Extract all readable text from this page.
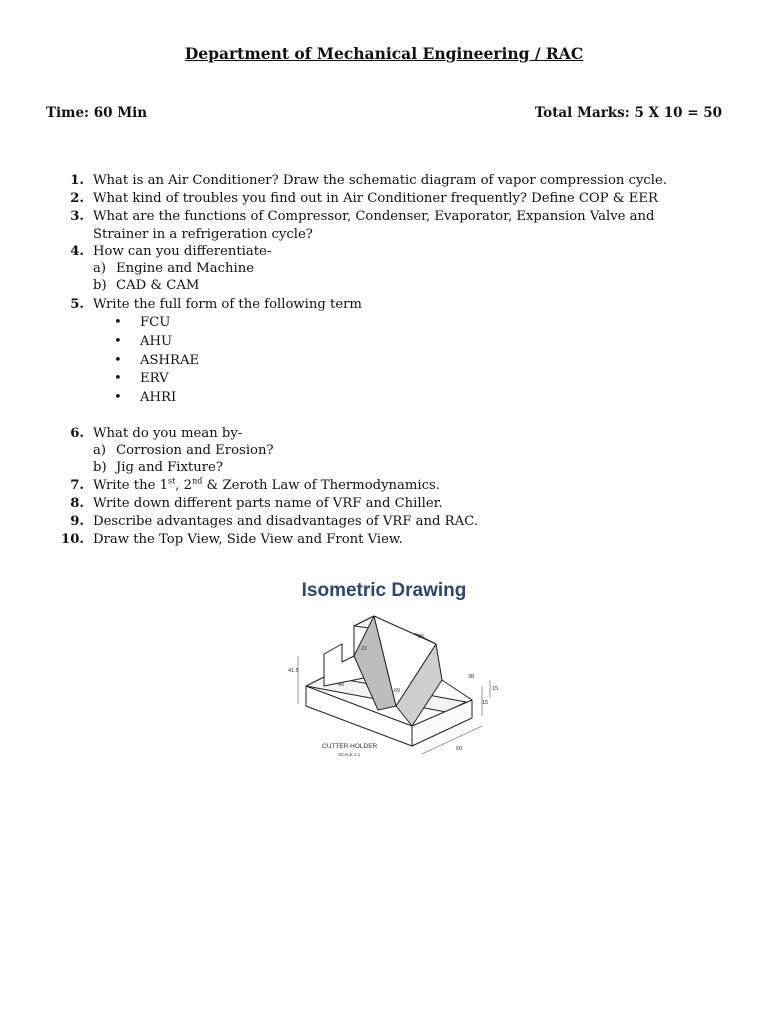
Department of Mechanical Engineering / RAC
Time: 60 Min	Total Marks: 5 X 10 = 50
1. What is an Air Conditioner? Draw the schematic diagram of vapor compression cycle.
2. What kind of troubles you find out in Air Conditioner frequently? Define COP & EER
3. What are the functions of Compressor, Condenser, Evaporator, Expansion Valve and
Strainer in a refrigeration cycle?
4. How can you differentiate-
a) Engine and Machine
b) CAD & CAM
5. Write the full form of the following term
• FCU
• AHU
• ASHRAE
• ERV
• AHRI
6. What do you mean by-
a) Corrosion and Erosion?
b) Jig and Fixture?
7. Write the 1st, 2nd & Zeroth Law of Thermodynamics.
8. Write down different parts name of VRF and Chiller.
9. Describe advantages and disadvantages of VRF and RAC.
10. Draw the Top View, Side View and Front View.
Isometric Drawing
41.5
22
26
40
69
38
15
15
60
CUTTER HOLDER
SCALE 1:1
